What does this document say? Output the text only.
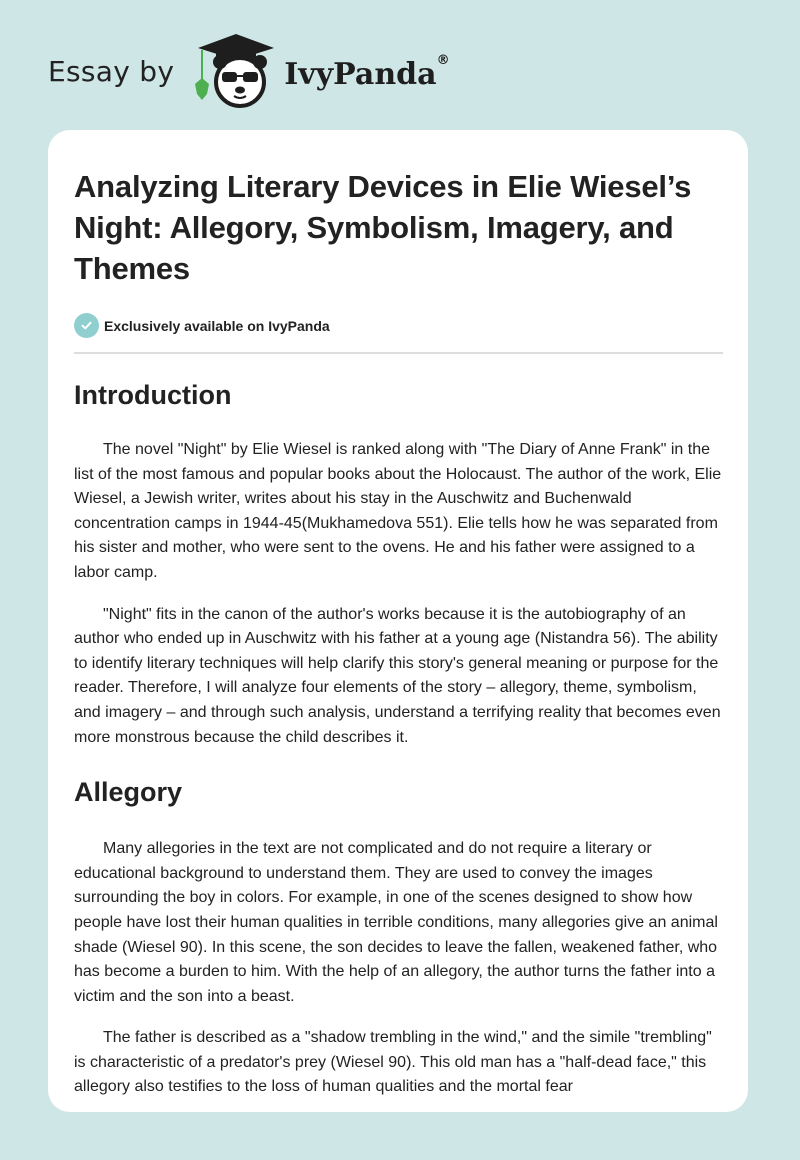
Essay by	IvyPanda®
Analyzing Literary Devices in Elie Wiesel’s Night: Allegory, Symbolism, Imagery, and Themes
Exclusively available on IvyPanda
Introduction

The novel "Night" by Elie Wiesel is ranked along with "The Diary of Anne Frank" in the list of the most famous and popular books about the Holocaust. The author of the work, Elie Wiesel, a Jewish writer, writes about his stay in the Auschwitz and Buchenwald concentration camps in 1944-45(Mukhamedova 551). Elie tells how he was separated from his sister and mother, who were sent to the ovens. He and his father were assigned to a labor camp.

"Night" fits in the canon of the author's works because it is the autobiography of an author who ended up in Auschwitz with his father at a young age (Nistandra 56). The ability to identify literary techniques will help clarify this story's general meaning or purpose for the reader. Therefore, I will analyze four elements of the story – allegory, theme, symbolism, and imagery – and through such analysis, understand a terrifying reality that becomes even more monstrous because the child describes it.

Allegory

Many allegories in the text are not complicated and do not require a literary or educational background to understand them. They are used to convey the images surrounding the boy in colors. For example, in one of the scenes designed to show how people have lost their human qualities in terrible conditions, many allegories give an animal shade (Wiesel 90). In this scene, the son decides to leave the fallen, weakened father, who has become a burden to him. With the help of an allegory, the author turns the father into a victim and the son into a beast.

The father is described as a "shadow trembling in the wind," and the simile "trembling" is characteristic of a predator's prey (Wiesel 90). This old man has a "half-dead face," this allegory also testifies to the loss of human qualities and the mortal fear
